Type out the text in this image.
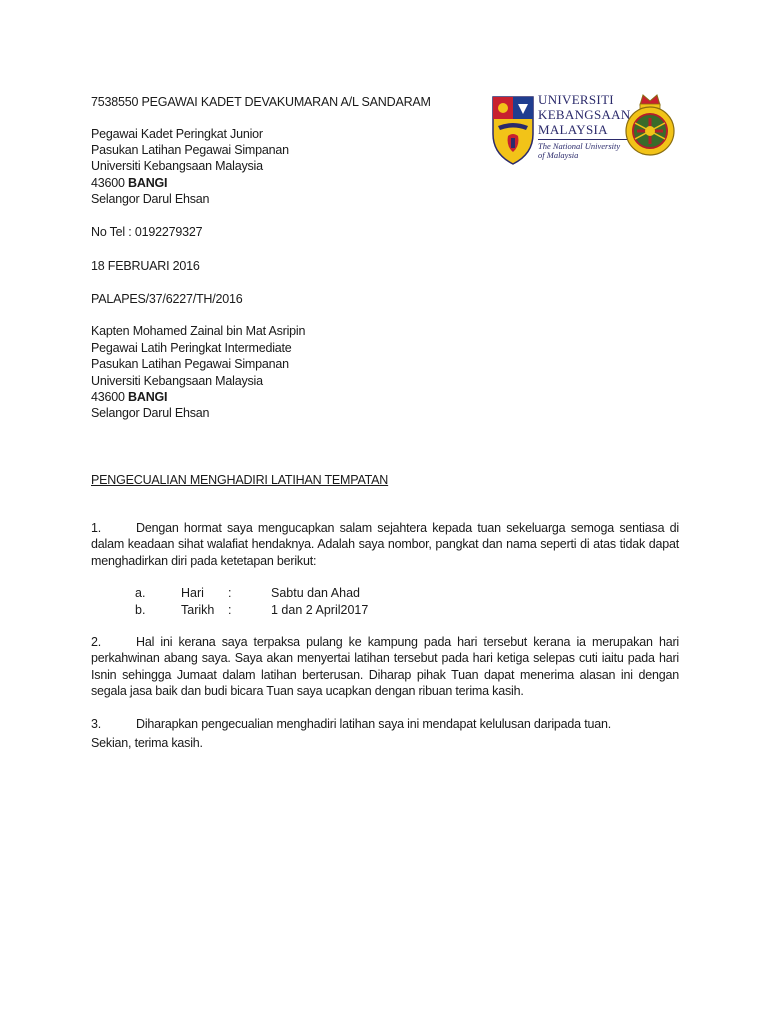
7538550 PEGAWAI KADET DEVAKUMARAN A/L SANDARAM
Pegawai Kadet Peringkat Junior
Pasukan Latihan Pegawai Simpanan
Universiti Kebangsaan Malaysia
43600 BANGI
Selangor Darul Ehsan
No Tel : 0192279327
18 FEBRUARI 2016
PALAPES/37/6227/TH/2016
Kapten Mohamed Zainal bin Mat Asripin
Pegawai Latih Peringkat Intermediate
Pasukan Latihan Pegawai Simpanan
Universiti Kebangsaan Malaysia
43600 BANGI
Selangor Darul Ehsan
PENGECUALIAN MENGHADIRI LATIHAN TEMPATAN
1.	Dengan hormat saya mengucapkan salam sejahtera kepada tuan sekeluarga semoga sentiasa di dalam keadaan sihat walafiat hendaknya. Adalah saya nombor, pangkat dan nama seperti di atas tidak dapat menghadirkan diri pada ketetapan berikut:
a.	Hari :	Sabtu dan Ahad
b.	Tarikh :	1 dan 2 April2017
2.	Hal ini kerana saya terpaksa pulang ke kampung pada hari tersebut kerana ia merupakan hari perkahwinan abang saya. Saya akan menyertai latihan tersebut pada hari ketiga selepas cuti iaitu pada hari Isnin sehingga Jumaat dalam latihan berterusan. Diharap pihak Tuan dapat menerima alasan ini dengan segala jasa baik dan budi bicara Tuan saya ucapkan dengan ribuan terima kasih.
3.	Diharapkan pengecualian menghadiri latihan saya ini mendapat kelulusan daripada tuan.
Sekian, terima kasih.
UNIVERSITI
KEBANGSAAN
MALAYSIA
The National University
of Malaysia
